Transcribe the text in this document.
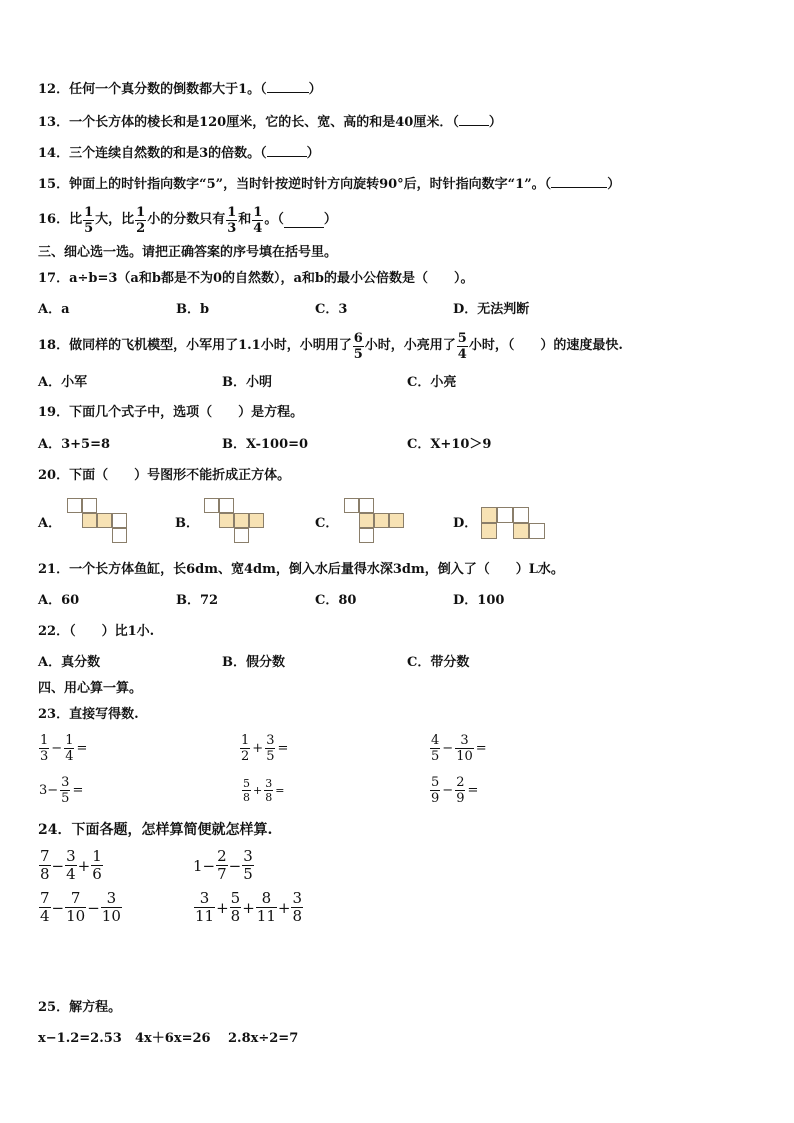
12．任何一个真分数的倒数都大于1。（	）
13．一个长方体的棱长和是120厘米，它的长、宽、高的和是40厘米．（ ）
14．三个连续自然数的和是3的倍数。（	）
15．钟面上的时针指向数字“5”，当时针按逆时针方向旋转90°后，时针指向数字“1”。（	）
16． 比 $\frac{1}{5}$ 大，比 $\frac{1}{2}$ 小的分数只有 $\frac{1}{3}$ 和 $\frac{1}{4}$ 。（	）
三、细心选一选。请把正确答案的序号填在括号里。
17．a÷b=3（a和b都是不为0的自然数），a和b的最小公倍数是（　　）。
A．a	B．b	C．3	D．无法判断
18．做同样的飞机模型，小军用了1.1小时，小明用了 $\frac{6}{5}$ 小时，小亮用了 $\frac{5}{4}$ 小时，（　　）的速度最快.
A．小军	B．小明	C．小亮
19．下面几个式子中，选项（　　）是方程。
A．3+5=8	B．X-100=0	C．X+10＞9
20．下面（　　）号图形不能折成正方体。
A．	B．	C．	D．
21．一个长方体鱼缸，长6dm、宽4dm，倒入水后量得水深3dm，倒入了（　　）L水。
A．60	B．72	C．80	D．100
22．（　　）比1小.
A．真分数	B．假分数	C．带分数
四、用心算一算。
23．直接写得数.
$\frac{1}{3} - \frac{1}{4}$ =	$\frac{1}{2} + \frac{3}{5}$ =	$\frac{4}{5} - \frac{3}{10}$ =
$3- \frac{3}{5}$ =	$\frac{5}{8} + \frac{3}{8}$ =	$\frac{5}{9} - \frac{2}{9}$ =
24．下面各题，怎样算简便就怎样算.
$\frac{7}{8} - \frac{3}{4} + \frac{1}{6}$	$1- \frac{2}{7} - \frac{3}{5}$
$\frac{7}{4} - \frac{7}{10} - \frac{3}{10}$	$\frac{3}{11} + \frac{5}{8} + \frac{8}{11} + \frac{3}{8}$
25．解方程。
x−1.2=2.53 4x＋6x=26 2.8x÷2=7
